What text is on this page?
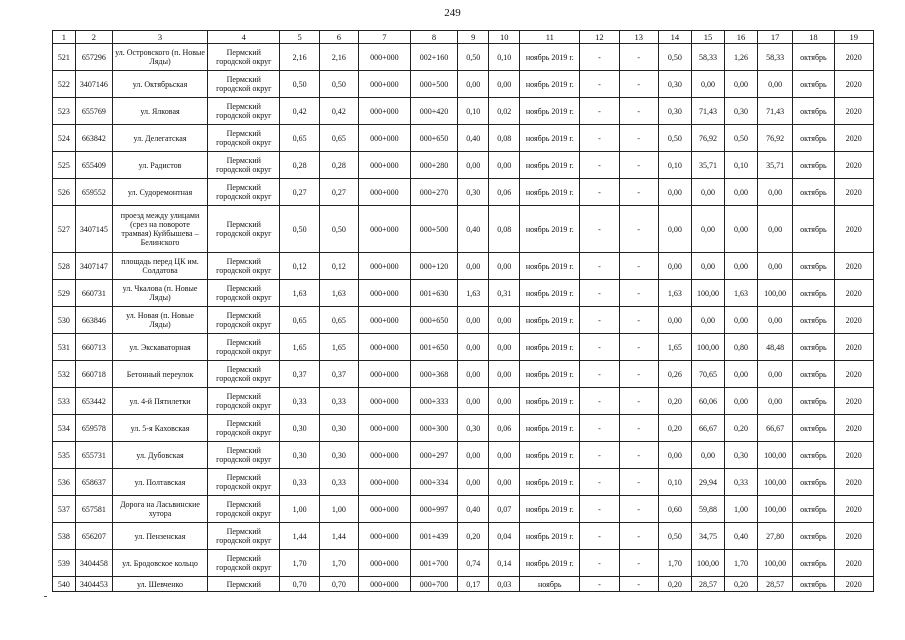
249
1	2	3	4	5	6	7	8	9	10	11	12	13	14	15	16	17	18	19
521	657296	ул. Островского (п. Новые Ляды)	Пермский городской округ	2,16	2,16	000+000	002+160	0,50	0,10	ноябрь 2019 г.	-	-	0,50	58,33	1,26	58,33	октябрь	2020
522	3407146	ул. Октябрьская	Пермский городской округ	0,50	0,50	000+000	000+500	0,00	0,00	ноябрь 2019 г.	-	-	0,30	0,00	0,00	0,00	октябрь	2020
523	655769	ул. Ялковая	Пермский городской округ	0,42	0,42	000+000	000+420	0,10	0,02	ноябрь 2019 г.	-	-	0,30	71,43	0,30	71,43	октябрь	2020
524	663842	ул. Делегатская	Пермский городской округ	0,65	0,65	000+000	000+650	0,40	0,08	ноябрь 2019 г.	-	-	0,50	76,92	0,50	76,92	октябрь	2020
525	655409	ул. Радистов	Пермский городской округ	0,28	0,28	000+000	000+280	0,00	0,00	ноябрь 2019 г.	-	-	0,10	35,71	0,10	35,71	октябрь	2020
526	659552	ул. Судоремонтная	Пермский городской округ	0,27	0,27	000+000	000+270	0,30	0,06	ноябрь 2019 г.	-	-	0,00	0,00	0,00	0,00	октябрь	2020
527	3407145	проезд между улицами (срез на повороте трамвая) Куйбышева – Белинского	Пермский городской округ	0,50	0,50	000+000	000+500	0,40	0,08	ноябрь 2019 г.	-	-	0,00	0,00	0,00	0,00	октябрь	2020
528	3407147	площадь перед ЦК им. Солдатова	Пермский городской округ	0,12	0,12	000+000	000+120	0,00	0,00	ноябрь 2019 г.	-	-	0,00	0,00	0,00	0,00	октябрь	2020
529	660731	ул. Чкалова (п. Новые Ляды)	Пермский городской округ	1,63	1,63	000+000	001+630	1,63	0,31	ноябрь 2019 г.	-	-	1,63	100,00	1,63	100,00	октябрь	2020
530	663846	ул. Новая (п. Новые Ляды)	Пермский городской округ	0,65	0,65	000+000	000+650	0,00	0,00	ноябрь 2019 г.	-	-	0,00	0,00	0,00	0,00	октябрь	2020
531	660713	ул. Экскаваторная	Пермский городской округ	1,65	1,65	000+000	001+650	0,00	0,00	ноябрь 2019 г.	-	-	1,65	100,00	0,80	48,48	октябрь	2020
532	660718	Бетонный переулок	Пермский городской округ	0,37	0,37	000+000	000+368	0,00	0,00	ноябрь 2019 г.	-	-	0,26	70,65	0,00	0,00	октябрь	2020
533	653442	ул. 4-й Пятилетки	Пермский городской округ	0,33	0,33	000+000	000+333	0,00	0,00	ноябрь 2019 г.	-	-	0,20	60,06	0,00	0,00	октябрь	2020
534	659578	ул. 5-я Каховская	Пермский городской округ	0,30	0,30	000+000	000+300	0,30	0,06	ноябрь 2019 г.	-	-	0,20	66,67	0,20	66,67	октябрь	2020
535	655731	ул. Дубовская	Пермский городской округ	0,30	0,30	000+000	000+297	0,00	0,00	ноябрь 2019 г.	-	-	0,00	0,00	0,30	100,00	октябрь	2020
536	658637	ул. Полтавская	Пермский городской округ	0,33	0,33	000+000	000+334	0,00	0,00	ноябрь 2019 г.	-	-	0,10	29,94	0,33	100,00	октябрь	2020
537	657581	Дорога на Ласьвинские хутора	Пермский городской округ	1,00	1,00	000+000	000+997	0,40	0,07	ноябрь 2019 г.	-	-	0,60	59,88	1,00	100,00	октябрь	2020
538	656207	ул. Пензенская	Пермский городской округ	1,44	1,44	000+000	001+439	0,20	0,04	ноябрь 2019 г.	-	-	0,50	34,75	0,40	27,80	октябрь	2020
539	3404458	ул. Бродовское кольцо	Пермский городской округ	1,70	1,70	000+000	001+700	0,74	0,14	ноябрь 2019 г.	-	-	1,70	100,00	1,70	100,00	октябрь	2020
540	3404453	ул. Шевченко	Пермский	0,70	0,70	000+000	000+700	0,17	0,03	ноябрь	-	-	0,20	28,57	0,20	28,57	октябрь	2020
